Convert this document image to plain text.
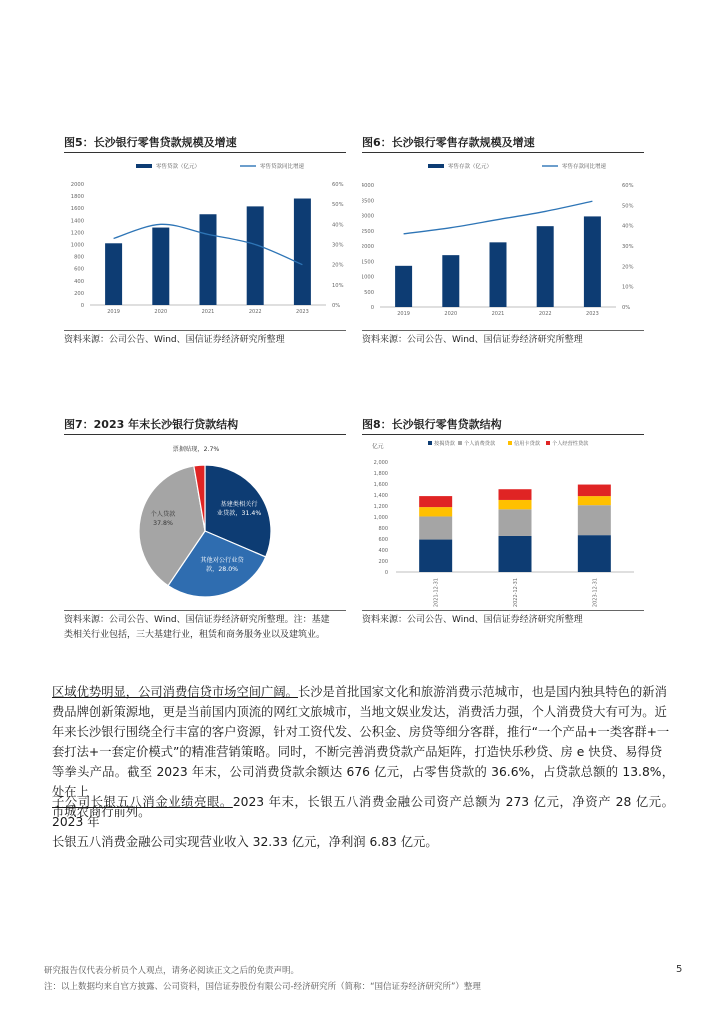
图5：长沙银行零售贷款规模及增速
零售贷款（亿元）	零售贷款同比增速
2000
1800
1600
1400
1200
1000
800
600
400
200
0
60%
50%
40%
30%
20%
10%
0%
2019	2020	2021	2022	2023
资料来源：公司公告、Wind、国信证券经济研究所整理
图6：长沙银行零售存款规模及增速
零售存款（亿元）	零售存款同比增速
4000
3500
3000
2500
2000
1500
1000
500
0
60%
50%
40%
30%
20%
10%
0%
2019	2020	2021	2022	2023
资料来源：公司公告、Wind、国信证券经济研究所整理
图7：2023 年末长沙银行贷款结构
基建类相关行
业贷款，31.4%
其他对公行业贷
款，28.0%
个人贷款
37.8%
票据贴现，2.7%
资料来源：公司公告、Wind、国信证券经济研究所整理。注：基建
类相关行业包括，三大基建行业，租赁和商务服务业以及建筑业。
图8：长沙银行零售贷款结构
亿元	按揭贷款 个人消费贷款	信用卡贷款 个人经营性贷款
2,000
1,800
1,600
1,400
1,200
1,000
800
600
400
200
0
2021-12-31	2022-12-31	2023-12-31
资料来源：公司公告、Wind、国信证券经济研究所整理
区域优势明显，公司消费信贷市场空间广阔。长沙是首批国家文化和旅游消费示范城市，也是国内独具特色的新消
费品牌创新策源地，更是当前国内顶流的网红文旅城市，当地文娱业发达，消费活力强，个人消费贷大有可为。近
年来长沙银行围绕全行丰富的客户资源，针对工资代发、公积金、房贷等细分客群，推行“一个产品+一类客群+一
套打法+一套定价模式”的精准营销策略。同时，不断完善消费贷款产品矩阵，打造快乐秒贷、房 e 快贷、易得贷
等拳头产品。截至 2023 年末，公司消费贷款余额达 676 亿元，占零售贷款的 36.6%，占贷款总额的 13.8%，处在上
市城农商行前列。
子公司长银五八消金业绩亮眼。2023 年末，长银五八消费金融公司资产总额为 273 亿元，净资产 28 亿元。2023 年
长银五八消费金融公司实现营业收入 32.33 亿元，净利润 6.83 亿元。
研究报告仅代表分析员个人观点，请务必阅读正文之后的免责声明。
注：以上数据均来自官方披露、公司资料，国信证券股份有限公司-经济研究所（简称：“国信证券经济研究所”）整理
5
